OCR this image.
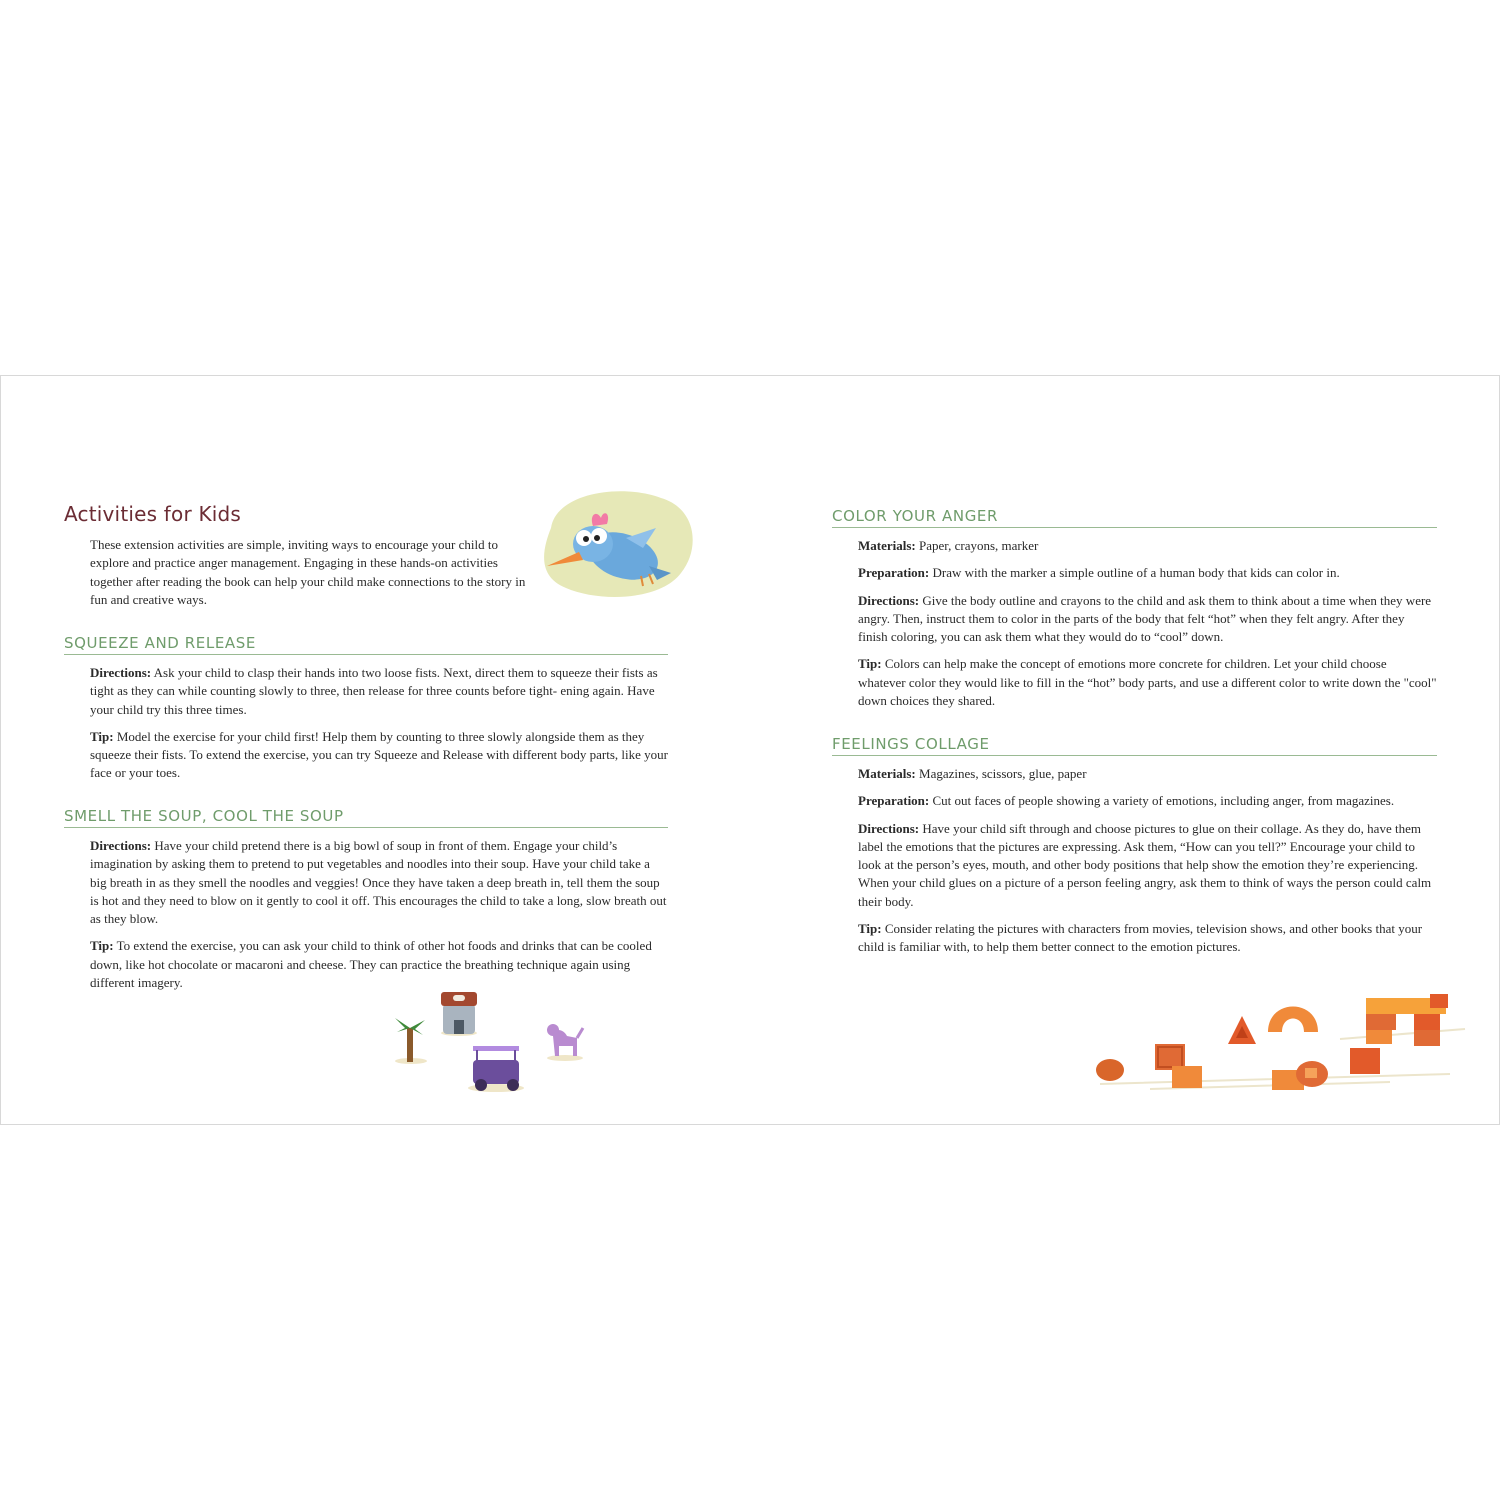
Activities for Kids

These extension activities are simple, inviting ways to encourage your child to explore and practice anger management. Engaging in these hands-on activities together after reading the book can help your child make connections to the story in fun and creative ways.

SQUEEZE AND RELEASE

Directions: Ask your child to clasp their hands into two loose fists. Next, direct them to squeeze their fists as tight as they can while counting slowly to three, then release for three counts before tight- ening again. Have your child try this three times.

Tip: Model the exercise for your child first! Help them by counting to three slowly alongside them as they squeeze their fists. To extend the exercise, you can try Squeeze and Release with different body parts, like your face or your toes.

SMELL THE SOUP, COOL THE SOUP

Directions: Have your child pretend there is a big bowl of soup in front of them. Engage your child’s imagination by asking them to pretend to put vegetables and noodles into their soup. Have your child take a big breath in as they smell the noodles and veggies! Once they have taken a deep breath in, tell them the soup is hot and they need to blow on it gently to cool it off. This encourages the child to take a long, slow breath out as they blow.

Tip: To extend the exercise, you can ask your child to think of other hot foods and drinks that can be cooled down, like hot chocolate or macaroni and cheese. They can practice the breathing technique again using different imagery.

COLOR YOUR ANGER

Materials: Paper, crayons, marker

Preparation: Draw with the marker a simple outline of a human body that kids can color in.

Directions: Give the body outline and crayons to the child and ask them to think about a time when they were angry. Then, instruct them to color in the parts of the body that felt “hot” when they felt angry. After they finish coloring, you can ask them what they would do to “cool” down.

Tip: Colors can help make the concept of emotions more concrete for children. Let your child choose whatever color they would like to fill in the “hot” body parts, and use a different color to write down the "cool" down choices they shared.

FEELINGS COLLAGE

Materials: Magazines, scissors, glue, paper

Preparation: Cut out faces of people showing a variety of emotions, including anger, from magazines.

Directions: Have your child sift through and choose pictures to glue on their collage. As they do, have them label the emotions that the pictures are expressing. Ask them, “How can you tell?” Encourage your child to look at the person’s eyes, mouth, and other body positions that help show the emotion they’re experiencing. When your child glues on a picture of a person feeling angry, ask them to think of ways the person could calm their body.

Tip: Consider relating the pictures with characters from movies, television shows, and other books that your child is familiar with, to help them better connect to the emotion pictures.
